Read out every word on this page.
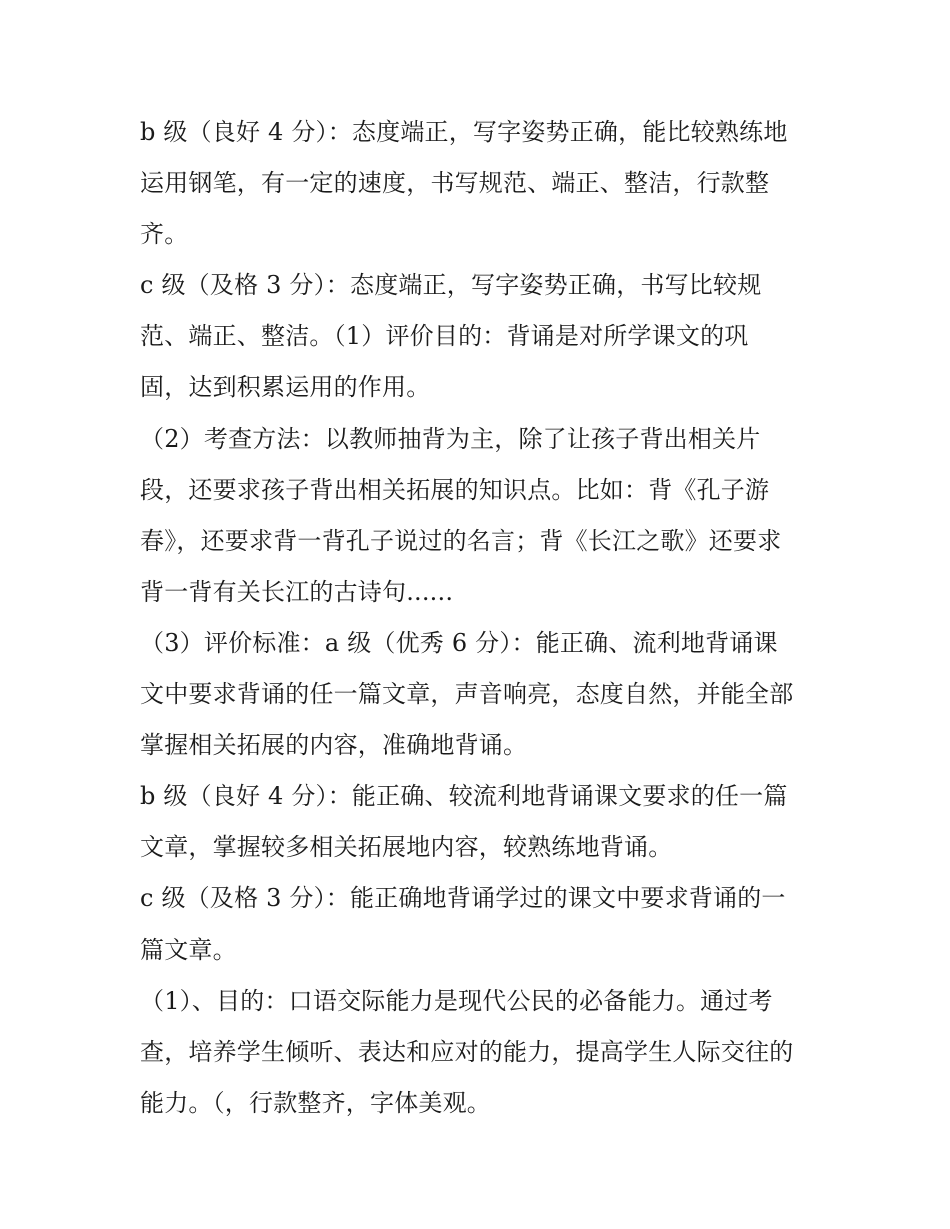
b 级（良好 4 分）：态度端正，写字姿势正确，能比较熟练地
运用钢笔，有一定的速度，书写规范、端正、整洁，行款整
齐。
c 级（及格 3 分）：态度端正，写字姿势正确，书写比较规
范、端正、整洁。（1）评价目的：背诵是对所学课文的巩
固，达到积累运用的作用。
（2）考查方法：以教师抽背为主，除了让孩子背出相关片
段，还要求孩子背出相关拓展的知识点。比如：背《孔子游
春》，还要求背一背孔子说过的名言；背《长江之歌》还要求
背一背有关长江的古诗句......
（3）评价标准：a 级（优秀 6 分）：能正确、流利地背诵课
文中要求背诵的任一篇文章，声音响亮，态度自然，并能全部
掌握相关拓展的内容，准确地背诵。
b 级（良好 4 分）：能正确、较流利地背诵课文要求的任一篇
文章，掌握较多相关拓展地内容，较熟练地背诵。
c 级（及格 3 分）：能正确地背诵学过的课文中要求背诵的一
篇文章。
（1）、目的：口语交际能力是现代公民的必备能力。通过考
查，培养学生倾听、表达和应对的能力，提高学生人际交往的
能力。（，行款整齐，字体美观。
